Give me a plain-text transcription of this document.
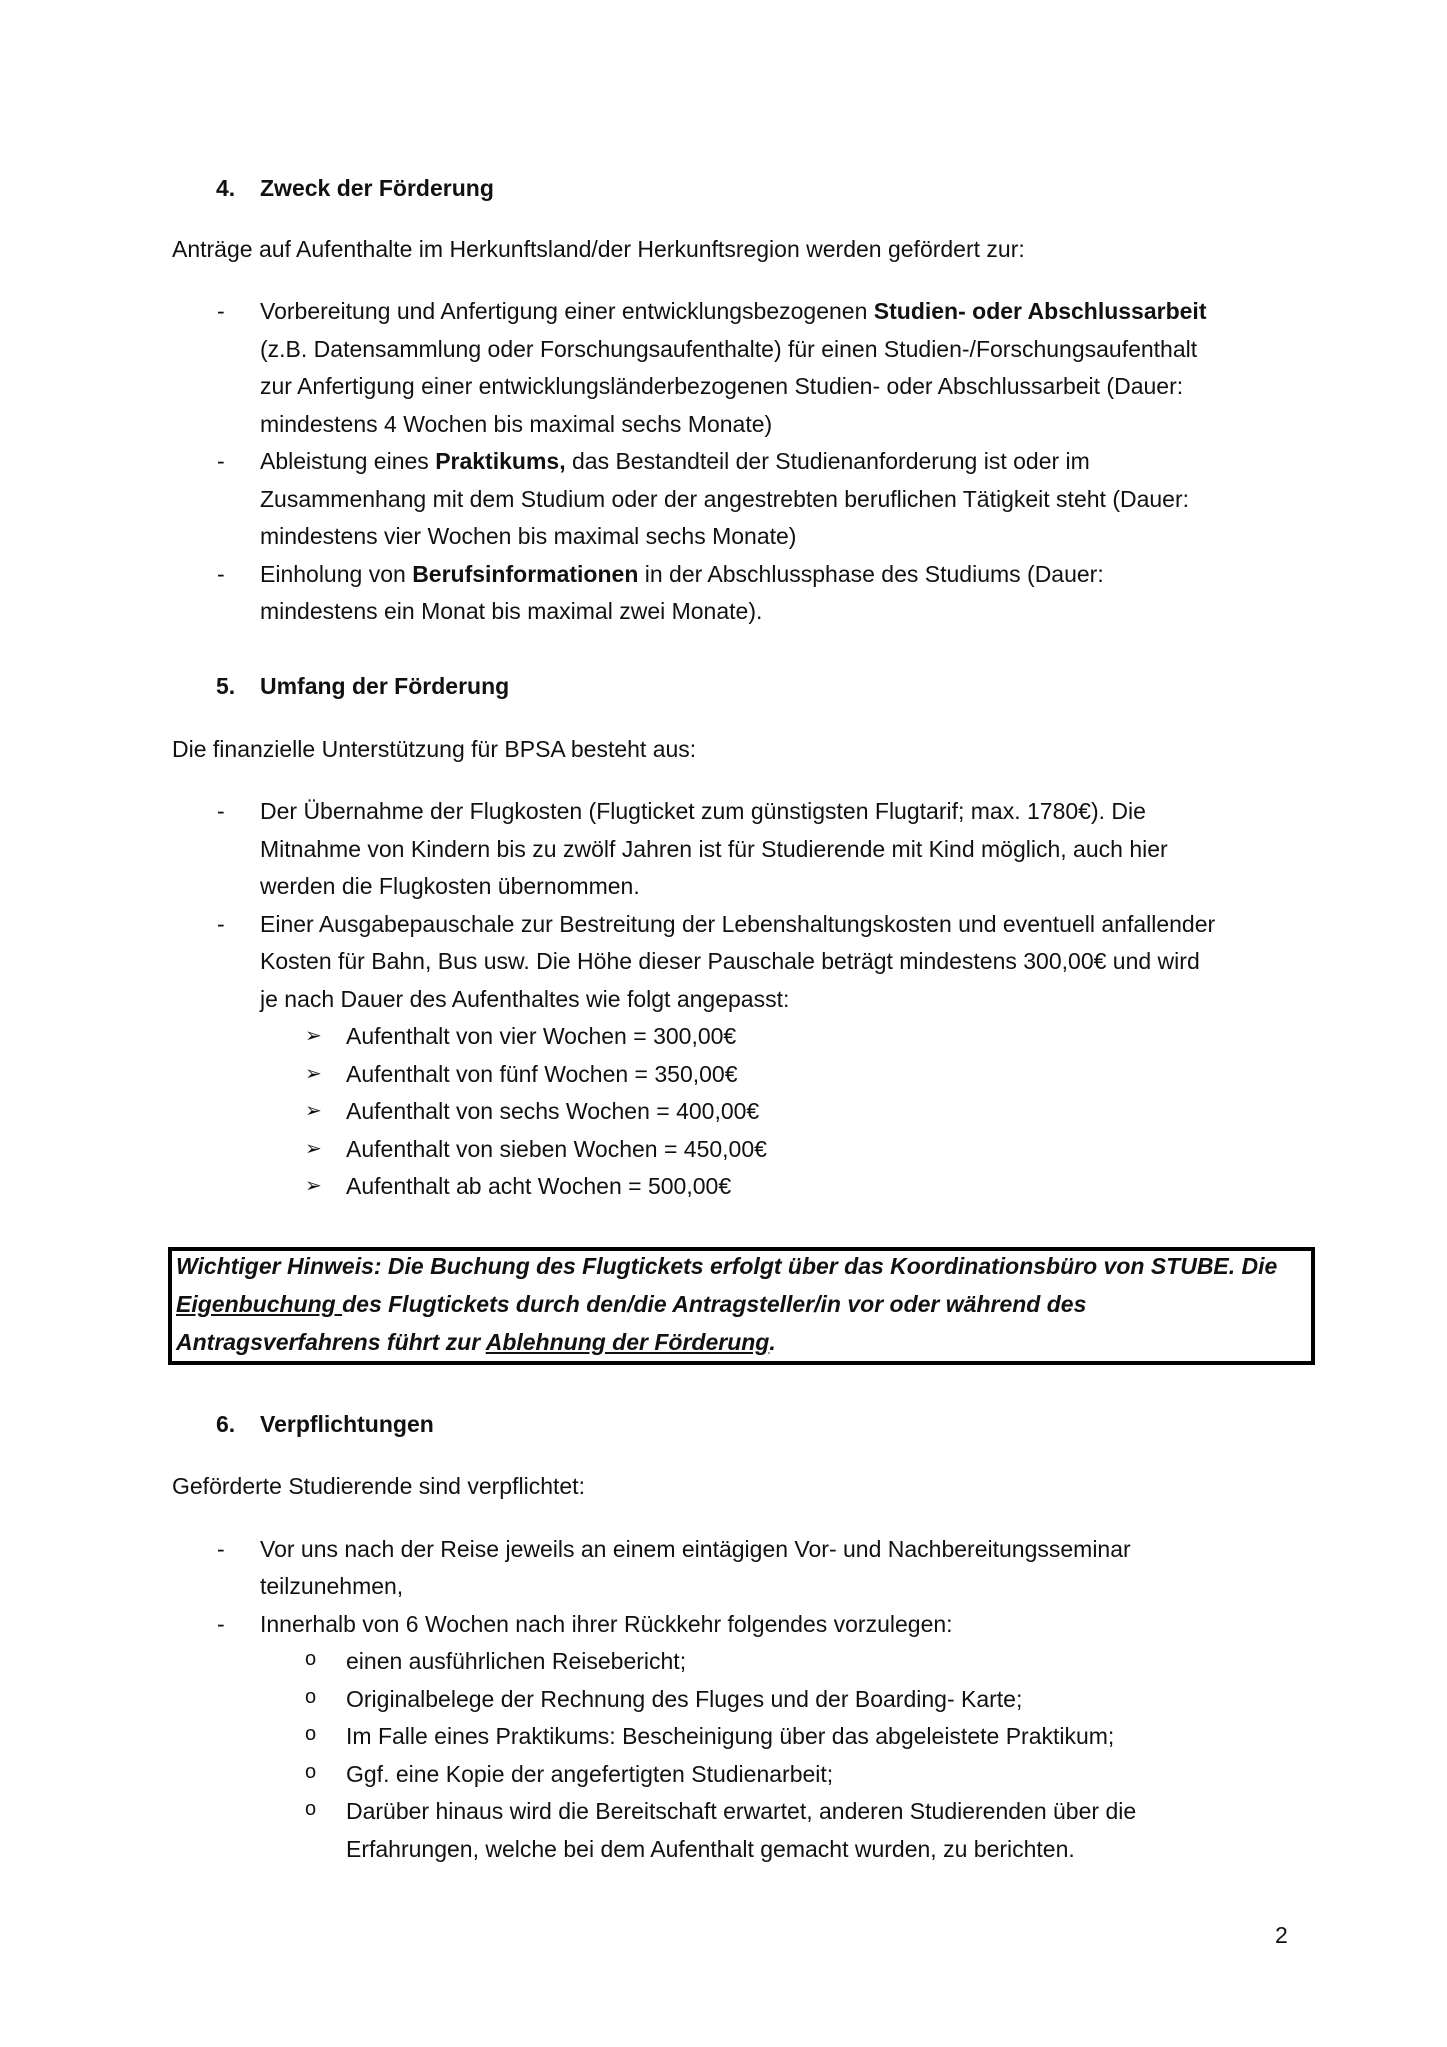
4. Zweck der Förderung
Anträge auf Aufenthalte im Herkunftsland/der Herkunftsregion werden gefördert zur:
-	Vorbereitung und Anfertigung einer entwicklungsbezogenen Studien- oder Abschlussarbeit
(z.B. Datensammlung oder Forschungsaufenthalte) für einen Studien-/Forschungsaufenthalt
zur Anfertigung einer entwicklungsländerbezogenen Studien- oder Abschlussarbeit (Dauer:
mindestens 4 Wochen bis maximal sechs Monate)
-	Ableistung eines Praktikums, das Bestandteil der Studienanforderung ist oder im
Zusammenhang mit dem Studium oder der angestrebten beruflichen Tätigkeit steht (Dauer:
mindestens vier Wochen bis maximal sechs Monate)
-	Einholung von Berufsinformationen in der Abschlussphase des Studiums (Dauer:
mindestens ein Monat bis maximal zwei Monate).
5. Umfang der Förderung
Die finanzielle Unterstützung für BPSA besteht aus:
-	Der Übernahme der Flugkosten (Flugticket zum günstigsten Flugtarif; max. 1780€). Die
Mitnahme von Kindern bis zu zwölf Jahren ist für Studierende mit Kind möglich, auch hier
werden die Flugkosten übernommen.
-	Einer Ausgabepauschale zur Bestreitung der Lebenshaltungskosten und eventuell anfallender
Kosten für Bahn, Bus usw. Die Höhe dieser Pauschale beträgt mindestens 300,00€ und wird
je nach Dauer des Aufenthaltes wie folgt angepasst:
➢ Aufenthalt von vier Wochen = 300,00€
➢ Aufenthalt von fünf Wochen = 350,00€
➢ Aufenthalt von sechs Wochen = 400,00€
➢ Aufenthalt von sieben Wochen = 450,00€
➢ Aufenthalt ab acht Wochen = 500,00€
Wichtiger Hinweis: Die Buchung des Flugtickets erfolgt über das Koordinationsbüro von STUBE. Die
Eigenbuchung des Flugtickets durch den/die Antragsteller/in vor oder während des
Antragsverfahrens führt zur Ablehnung der Förderung.
6. Verpflichtungen
Geförderte Studierende sind verpflichtet:
-	Vor uns nach der Reise jeweils an einem eintägigen Vor- und Nachbereitungsseminar
teilzunehmen,
-	Innerhalb von 6 Wochen nach ihrer Rückkehr folgendes vorzulegen:
o einen ausführlichen Reisebericht;
o Originalbelege der Rechnung des Fluges und der Boarding- Karte;
o Im Falle eines Praktikums: Bescheinigung über das abgeleistete Praktikum;
o Ggf. eine Kopie der angefertigten Studienarbeit;
o Darüber hinaus wird die Bereitschaft erwartet, anderen Studierenden über die
Erfahrungen, welche bei dem Aufenthalt gemacht wurden, zu berichten.
2
